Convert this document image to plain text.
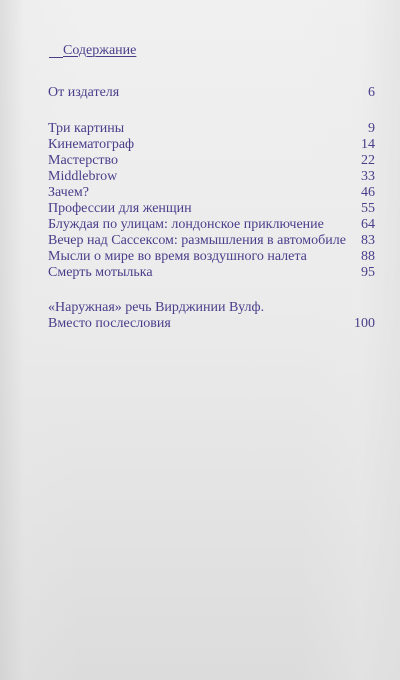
Содержание
От издателя	6
Три картины	9
Кинематограф	14
Мастерство	22
Middlebrow	33
Зачем?	46
Профессии для женщин	55
Блуждая по улицам: лондонское приключение	64
Вечер над Сассексом: размышления в автомобиле	83
Мысли о мире во время воздушного налета	88
Смерть мотылька	95
«Наружная» речь Вирджинии Вулф.
Вместо послесловия	100
